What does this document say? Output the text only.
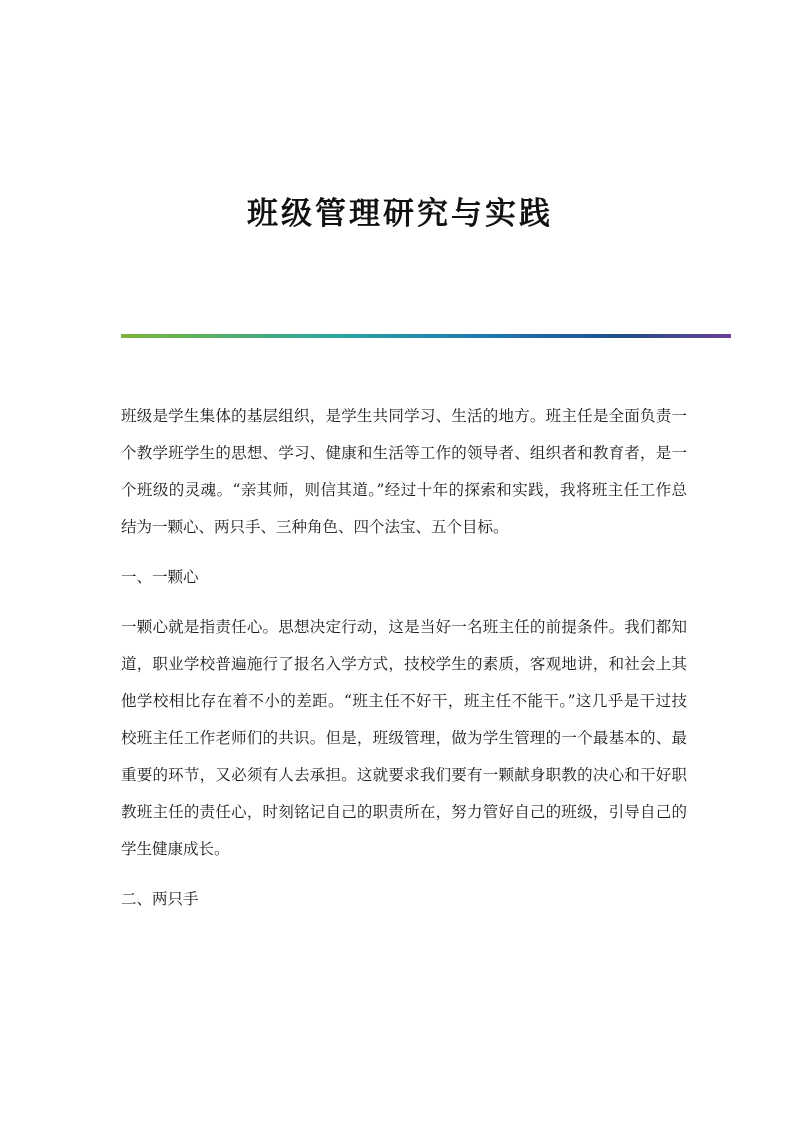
班级管理研究与实践

班级是学生集体的基层组织，是学生共同学习、生活的地方。班主任是全面负责一个教学班学生的思想、学习、健康和生活等工作的领导者、组织者和教育者，是一个班级的灵魂。“亲其师，则信其道。”经过十年的探索和实践，我将班主任工作总结为一颗心、两只手、三种角色、四个法宝、五个目标。

一、一颗心

一颗心就是指责任心。思想决定行动，这是当好一名班主任的前提条件。我们都知道，职业学校普遍施行了报名入学方式，技校学生的素质，客观地讲，和社会上其他学校相比存在着不小的差距。“班主任不好干，班主任不能干。”这几乎是干过技校班主任工作老师们的共识。但是，班级管理，做为学生管理的一个最基本的、最重要的环节，又必须有人去承担。这就要求我们要有一颗献身职教的决心和干好职教班主任的责任心，时刻铭记自己的职责所在，努力管好自己的班级，引导自己的学生健康成长。

二、两只手
